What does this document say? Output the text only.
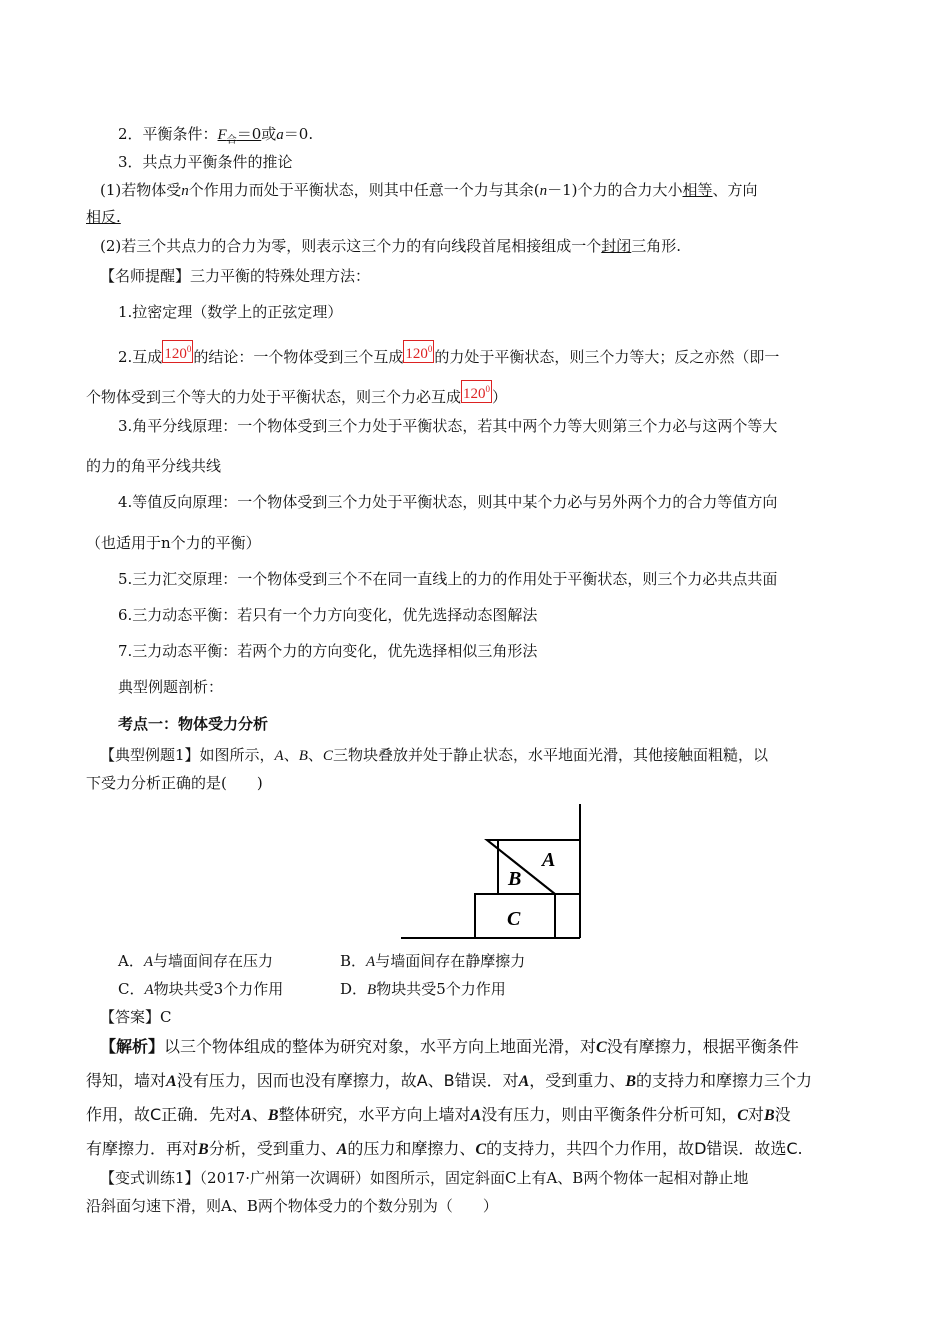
2．平衡条件：$F_合=0$或a＝0.
3．共点力平衡条件的推论
(1)若物体受n个作用力而处于平衡状态，则其中任意一个力与其余(n－1)个力的合力大小相等、方向
相反.
(2)若三个共点力的合力为零，则表示这三个力的有向线段首尾相接组成一个封闭三角形.
【名师提醒】三力平衡的特殊处理方法：
1.拉密定理（数学上的正弦定理）
2.互成 $120^0$ 的结论：一个物体受到三个互成 $120^0$ 的力处于平衡状态，则三个力等大；反之亦然（即一
个物体受到三个等大的力处于平衡状态，则三个力必互成 $120^0$ ）
3.角平分线原理：一个物体受到三个力处于平衡状态，若其中两个力等大则第三个力必与这两个等大
的力的角平分线共线
4.等值反向原理：一个物体受到三个力处于平衡状态，则其中某个力必与另外两个力的合力等值方向
（也适用于n个力的平衡）
5.三力汇交原理：一个物体受到三个不在同一直线上的力的作用处于平衡状态，则三个力必共点共面
6.三力动态平衡：若只有一个力方向变化，优先选择动态图解法
7.三力动态平衡：若两个力的方向变化，优先选择相似三角形法
典型例题剖析：
考点一：物体受力分析
【典型例题1】如图所示，A、B、C三物块叠放并处于静止状态，水平地面光滑，其他接触面粗糙，以
下受力分析正确的是(　　)
A
B
C
A．A与墙面间存在压力	B．A与墙面间存在静摩擦力
C．A物块共受3个力作用	D．B物块共受5个力作用
【答案】C
【解析】以三个物体组成的整体为研究对象，水平方向上地面光滑，对C没有摩擦力，根据平衡条件
得知，墙对A没有压力，因而也没有摩擦力，故A、B错误．对A，受到重力、B的支持力和摩擦力三个力
作用，故C正确．先对A、B整体研究，水平方向上墙对A没有压力，则由平衡条件分析可知，C对B没
有摩擦力．再对B分析，受到重力、A的压力和摩擦力、C的支持力，共四个力作用，故D错误．故选C.
【变式训练1】（2017·广州第一次调研）如图所示，固定斜面C上有A、B两个物体一起相对静止地
沿斜面匀速下滑，则A、B两个物体受力的个数分别为（　　）
